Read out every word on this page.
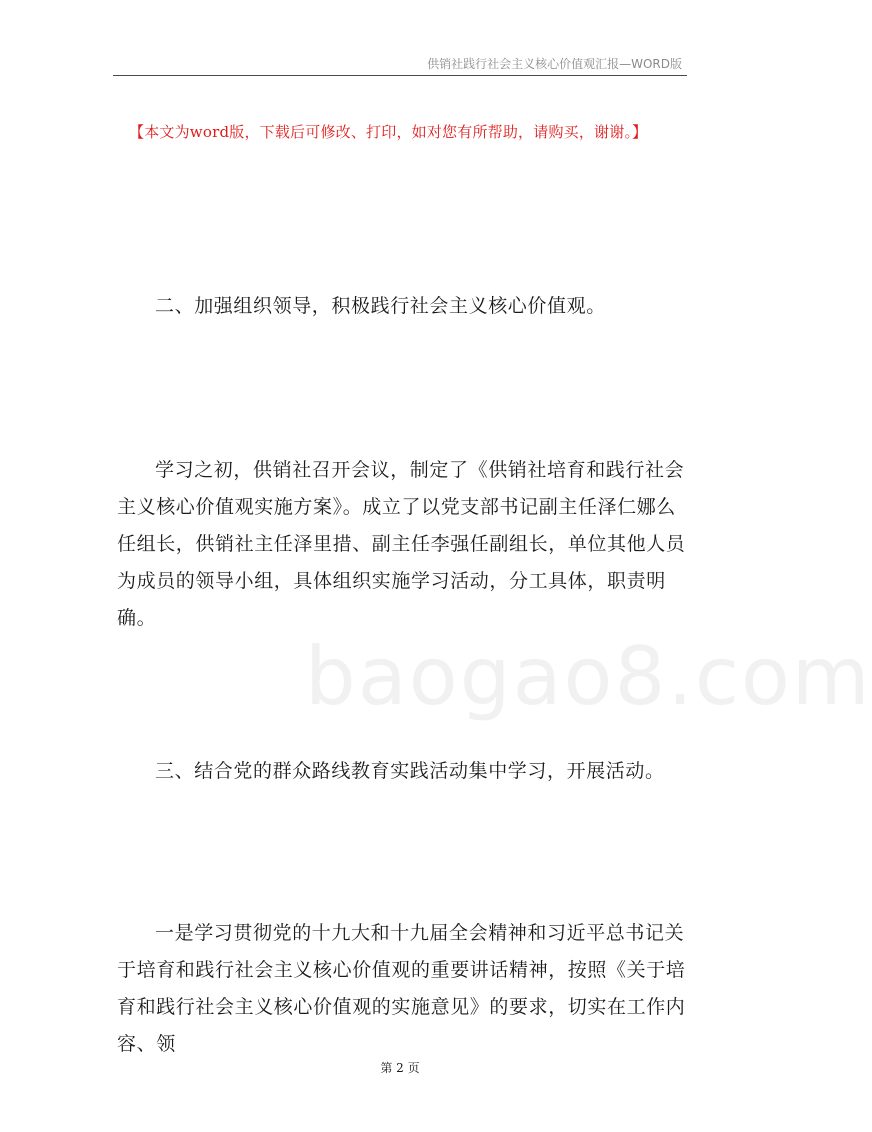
供销社践行社会主义核心价值观汇报—WORD版
【本文为word版，下载后可修改、打印，如对您有所帮助，请购买，谢谢。】
baogao8.com

二、加强组织领导，积极践行社会主义核心价值观。

学习之初，供销社召开会议，制定了《供销社培育和践行社会主义核心价值观实施方案》。成立了以党支部书记副主任泽仁娜么任组长，供销社主任泽里措、副主任李强任副组长，单位其他人员为成员的领导小组，具体组织实施学习活动，分工具体，职责明确。

三、结合党的群众路线教育实践活动集中学习，开展活动。

一是学习贯彻党的十九大和十九届全会精神和习近平总书记关于培育和践行社会主义核心价值观的重要讲话精神，按照《关于培育和践行社会主义核心价值观的实施意见》的要求，切实在工作内容、领

第 2 页
